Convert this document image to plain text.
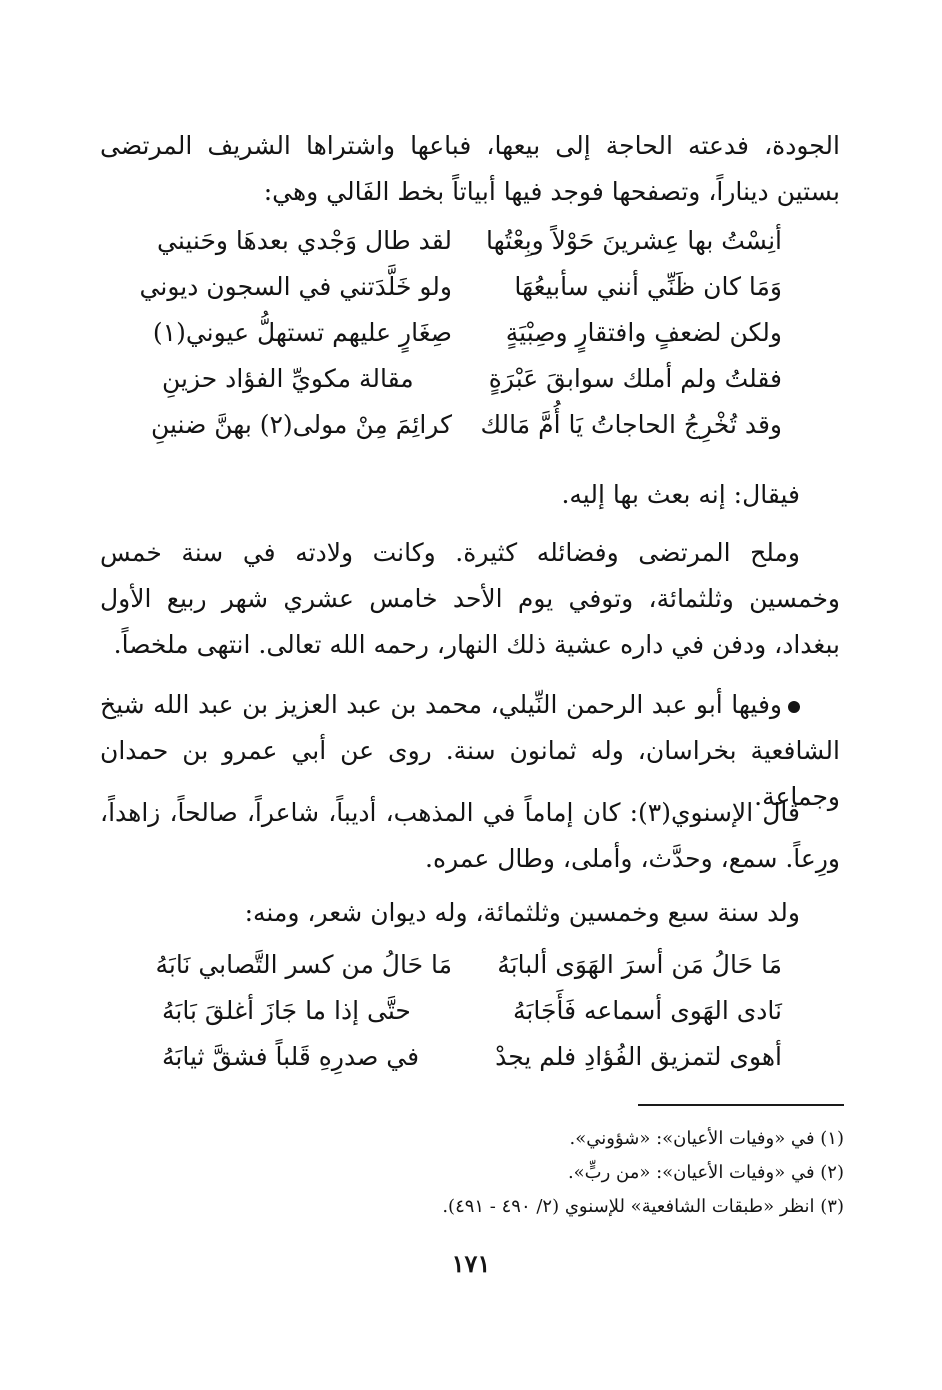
الجودة، فدعته الحاجة إلى بيعها، فباعها واشتراها الشريف المرتضى بستين ديناراً، وتصفحها فوجد فيها أبياتاً بخط الفَالي وهي:

أنِسْتُ بها عِشرينَ حَوْلاً وبِعْتُها
لقد طال وَجْدي بعدهَا وحَنيني
وَمَا كان ظَنِّي أنني سأبيعُهَا
ولو خَلَّدَتني في السجون ديوني
ولكن لضعفٍ وافتقارٍ وصِبْيَةٍ
صِغَارٍ عليهم تستهلُّ عيوني(١)
فقلتُ ولم أملك سوابقَ عَبْرَةٍ
مقالة مكويِّ الفؤاد حزينِ
وقد تُخْرِجُ الحاجاتُ يَا أُمَّ مَالك
كرائِمَ مِنْ مولى(٢) بهنَّ ضنينِ

فيقال: إنه بعث بها إليه.

وملح المرتضى وفضائله كثيرة. وكانت ولادته في سنة خمس وخمسين وثلثمائة، وتوفي يوم الأحد خامس عشري شهر ربيع الأول ببغداد، ودفن في داره عشية ذلك النهار، رحمه الله تعالى. انتهى ملخصاً.

وفيها أبو عبد الرحمن النِّيلي، محمد بن عبد العزيز بن عبد الله شيخ الشافعية بخراسان، وله ثمانون سنة. روى عن أبي عمرو بن حمدان وجماعة.

قال الإسنوي(٣): كان إماماً في المذهب، أديباً، شاعراً، صالحاً، زاهداً، ورِعاً. سمع، وحدَّث، وأملى، وطال عمره.

ولد سنة سبع وخمسين وثلثمائة، وله ديوان شعر، ومنه:

مَا حَالُ مَن أسرَ الهَوَى ألبابَهُ
مَا حَالُ من كسر التَّصابي نَابَهُ
نَادى الهَوى أسماعه فَأَجَابَهُ
حتَّى إذا ما جَازَ أغلقَ بَابَهُ
أهوى لتمزيق الفُؤادِ فلم يجدْ
في صدرِهِ قَلباً فشقَّ ثيابَهُ

(١) في «وفيات الأعيان»: «شؤوني».

(٢) في «وفيات الأعيان»: «من ربٍّ».

(٣) انظر «طبقات الشافعية» للإسنوي (٢/ ٤٩٠ - ٤٩١).

١٧١
